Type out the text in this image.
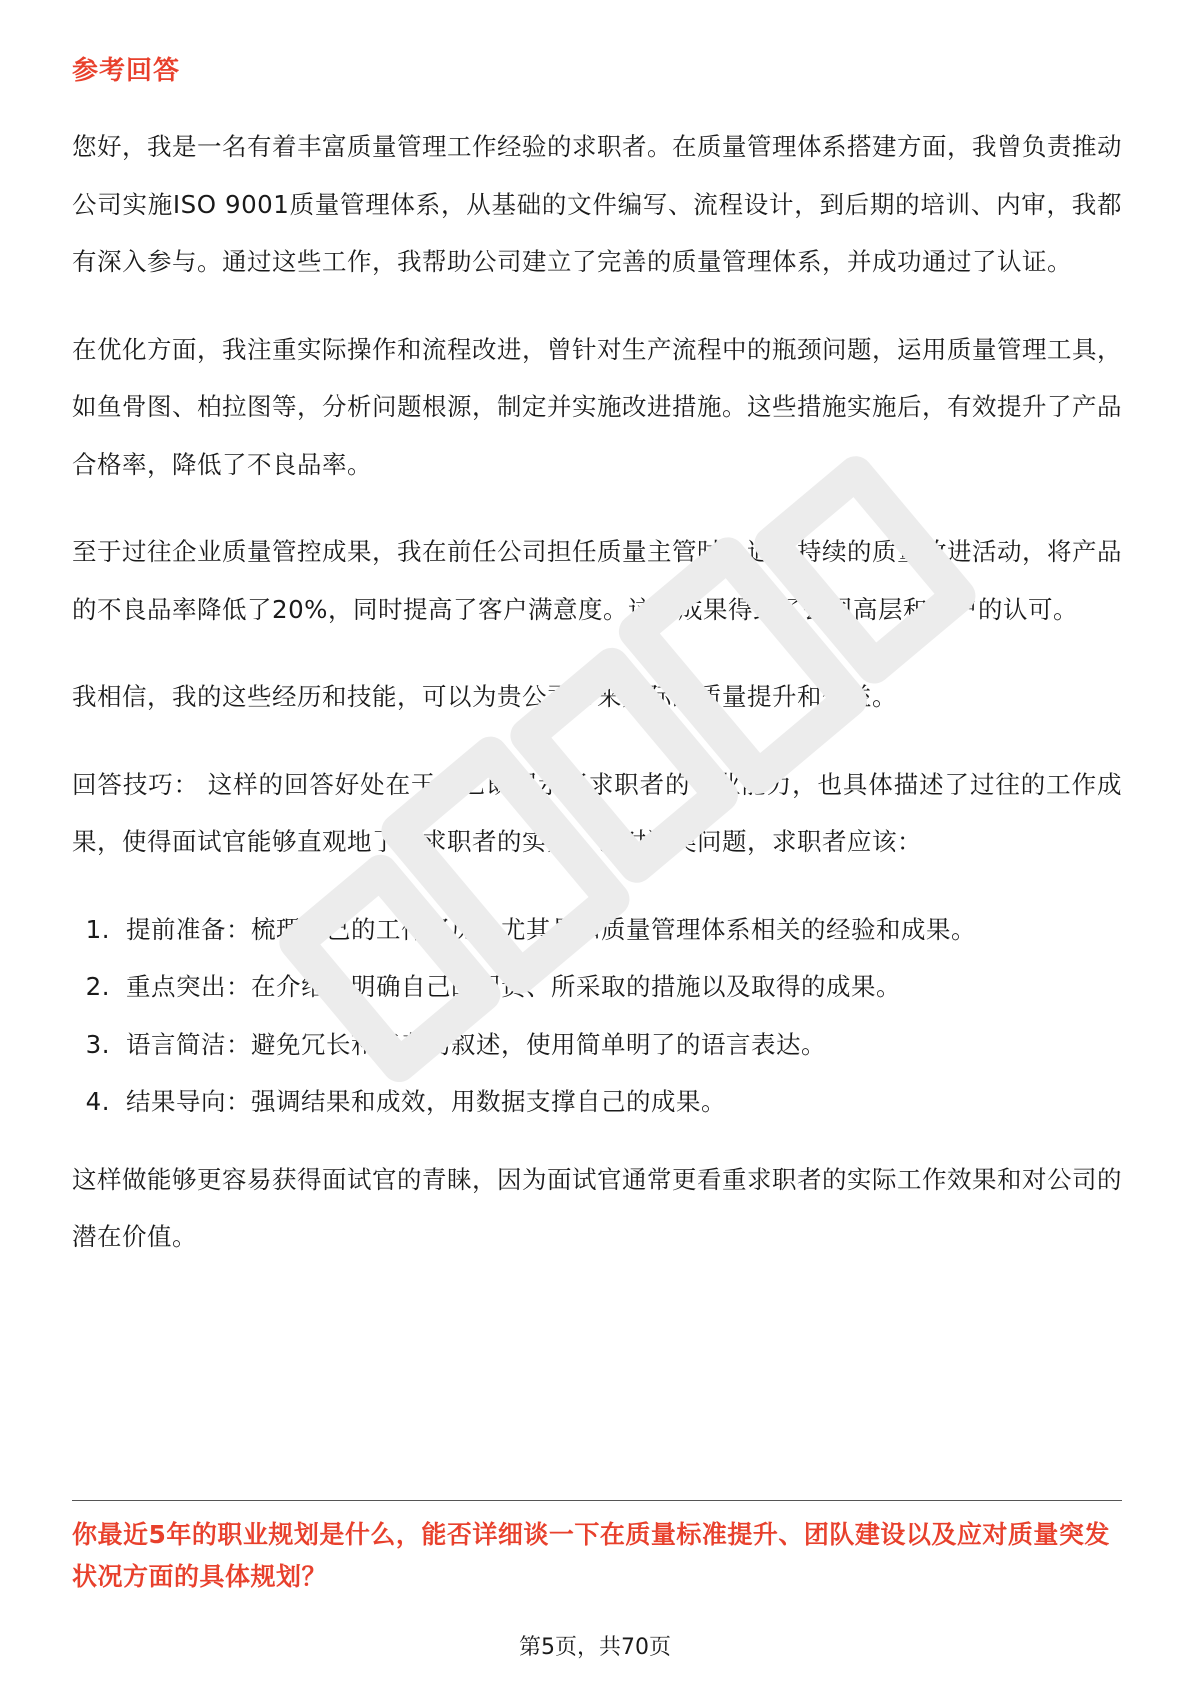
参考回答

您好，我是一名有着丰富质量管理工作经验的求职者。在质量管理体系搭建方面，我曾负责推动公司实施ISO 9001质量管理体系，从基础的文件编写、流程设计，到后期的培训、内审，我都有深入参与。通过这些工作，我帮助公司建立了完善的质量管理体系，并成功通过了认证。

在优化方面，我注重实际操作和流程改进，曾针对生产流程中的瓶颈问题，运用质量管理工具，如鱼骨图、柏拉图等，分析问题根源，制定并实施改进措施。这些措施实施后，有效提升了产品合格率，降低了不良品率。

至于过往企业质量管控成果，我在前任公司担任质量主管时，通过持续的质量改进活动，将产品的不良品率降低了20%，同时提高了客户满意度。这一成果得到了公司高层和客户的认可。

我相信，我的这些经历和技能，可以为贵公司带来实际的质量提升和效益。

回答技巧： 这样的回答好处在于，它既展示了求职者的专业能力，也具体描述了过往的工作成果，使得面试官能够直观地了解求职者的实力。针对这类问题，求职者应该：

1. 提前准备：梳理自己的工作经历，尤其是和质量管理体系相关的经验和成果。
2. 重点突出：在介绍中明确自己的职责、所采取的措施以及取得的成果。
3. 语言简洁：避免冗长和复杂的叙述，使用简单明了的语言表达。
4. 结果导向：强调结果和成效，用数据支撑自己的成果。

这样做能够更容易获得面试官的青睐，因为面试官通常更看重求职者的实际工作效果和对公司的潜在价值。

你最近5年的职业规划是什么，能否详细谈一下在质量标准提升、团队建设以及应对质量突发状况方面的具体规划？
第5页，共70页
